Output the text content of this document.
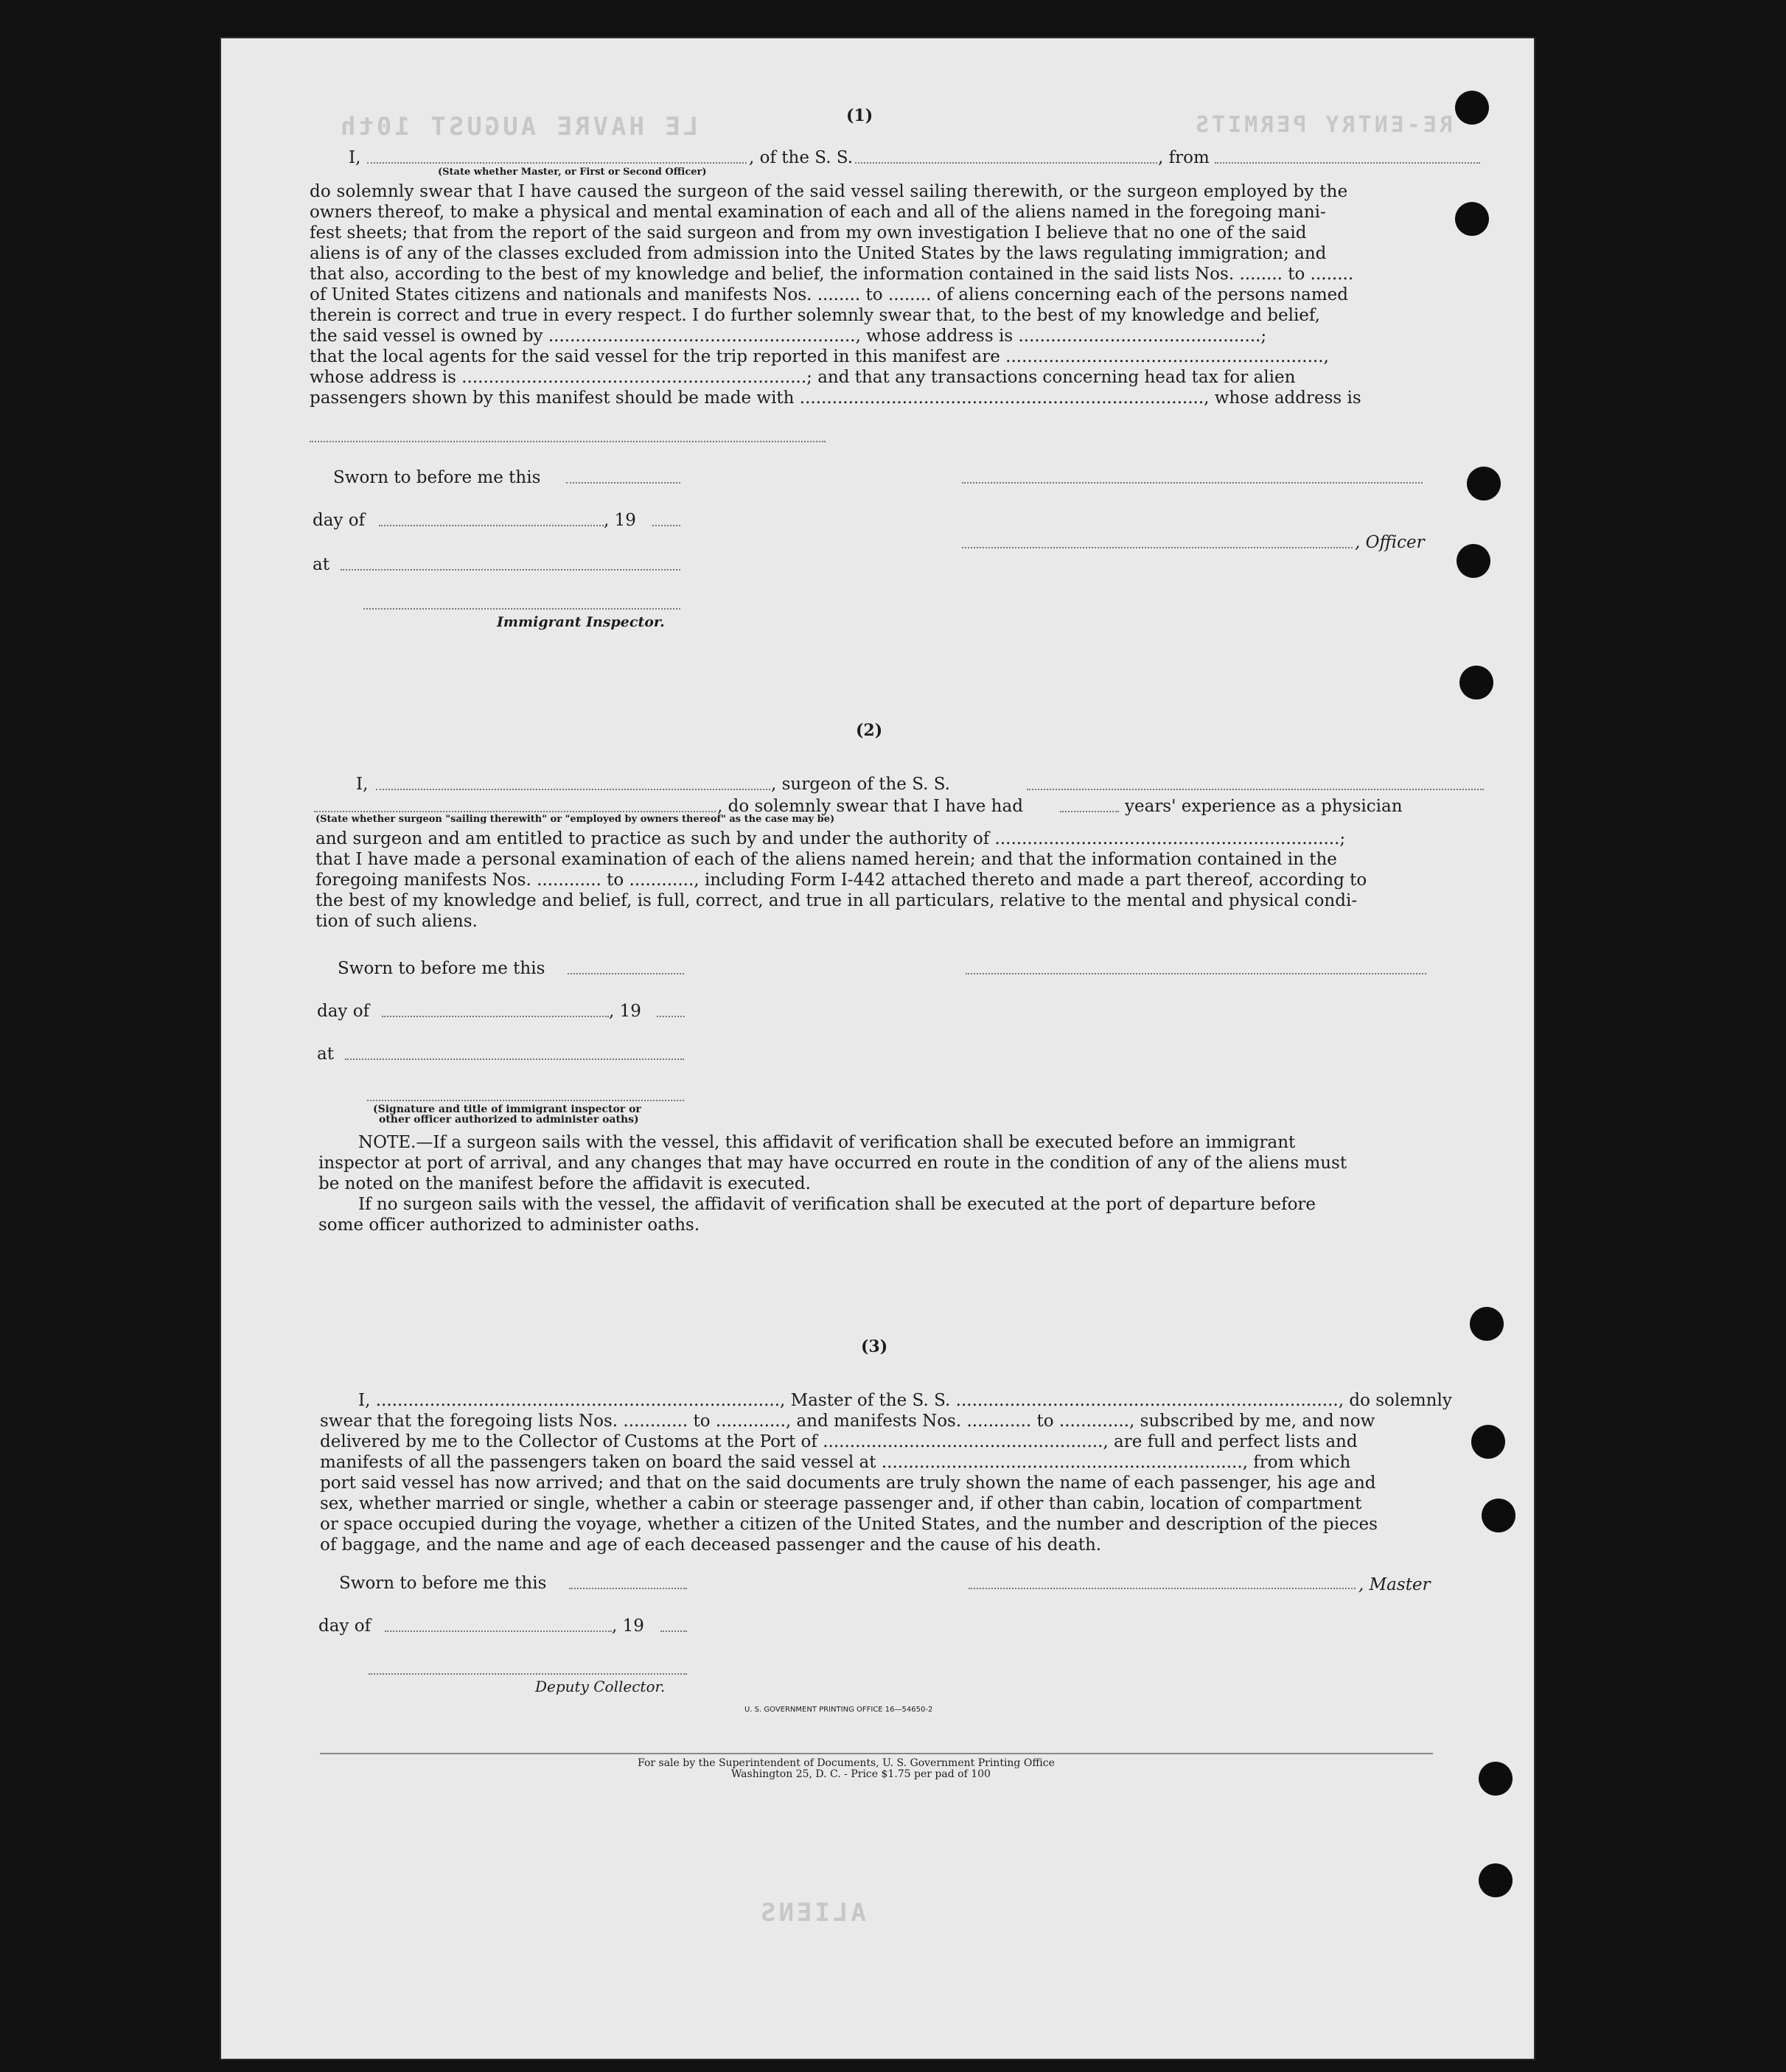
LE HAVRE AUGUST 10th	RE-ENTRY PERMITS
ALIENS
(1)
I,	, of the S. S.	, from
(State whether Master, or First or Second Officer)
do solemnly swear that I have caused the surgeon of the said vessel sailing therewith, or the surgeon employed by the
owners thereof, to make a physical and mental examination of each and all of the aliens named in the foregoing mani-
fest sheets; that from the report of the said surgeon and from my own investigation I believe that no one of the said
aliens is of any of the classes excluded from admission into the United States by the laws regulating immigration; and
that also, according to the best of my knowledge and belief, the information contained in the said lists Nos. ........ to ........
of United States citizens and nationals and manifests Nos. ........ to ........ of aliens concerning each of the persons named
therein is correct and true in every respect. I do further solemnly swear that, to the best of my knowledge and belief,
the said vessel is owned by ........................................................., whose address is .............................................;
that the local agents for the said vessel for the trip reported in this manifest are ...........................................................,
whose address is ................................................................; and that any transactions concerning head tax for alien
passengers shown by this manifest should be made with ..........................................................................., whose address is
Sworn to before me this
day of	, 19
, Officer
at
Immigrant Inspector.
(2)
I,	, surgeon of the S. S.
, do solemnly swear that I have had	years' experience as a physician
(State whether surgeon "sailing therewith" or "employed by owners thereof" as the case may be)
and surgeon and am entitled to practice as such by and under the authority of ................................................................;
that I have made a personal examination of each of the aliens named herein; and that the information contained in the
foregoing manifests Nos. ............ to ............, including Form I-442 attached thereto and made a part thereof, according to
the best of my knowledge and belief, is full, correct, and true in all particulars, relative to the mental and physical condi-
tion of such aliens.
Sworn to before me this
day of	, 19
at
(Signature and title of immigrant inspector or
other officer authorized to administer oaths)
NOTE.—If a surgeon sails with the vessel, this affidavit of verification shall be executed before an immigrant
inspector at port of arrival, and any changes that may have occurred en route in the condition of any of the aliens must
be noted on the manifest before the affidavit is executed.
If no surgeon sails with the vessel, the affidavit of verification shall be executed at the port of departure before
some officer authorized to administer oaths.
(3)
I, ..........................................................................., Master of the S. S. ......................................................................., do solemnly
swear that the foregoing lists Nos. ............ to ............., and manifests Nos. ............ to ............., subscribed by me, and now
delivered by me to the Collector of Customs at the Port of ...................................................., are full and perfect lists and
manifests of all the passengers taken on board the said vessel at ..................................................................., from which
port said vessel has now arrived; and that on the said documents are truly shown the name of each passenger, his age and
sex, whether married or single, whether a cabin or steerage passenger and, if other than cabin, location of compartment
or space occupied during the voyage, whether a citizen of the United States, and the number and description of the pieces
of baggage, and the name and age of each deceased passenger and the cause of his death.
Sworn to before me this	, Master
day of	, 19
Deputy Collector.
U. S. GOVERNMENT PRINTING OFFICE 16—54650-2
For sale by the Superintendent of Documents, U. S. Government Printing Office
Washington 25, D. C. - Price $1.75 per pad of 100
